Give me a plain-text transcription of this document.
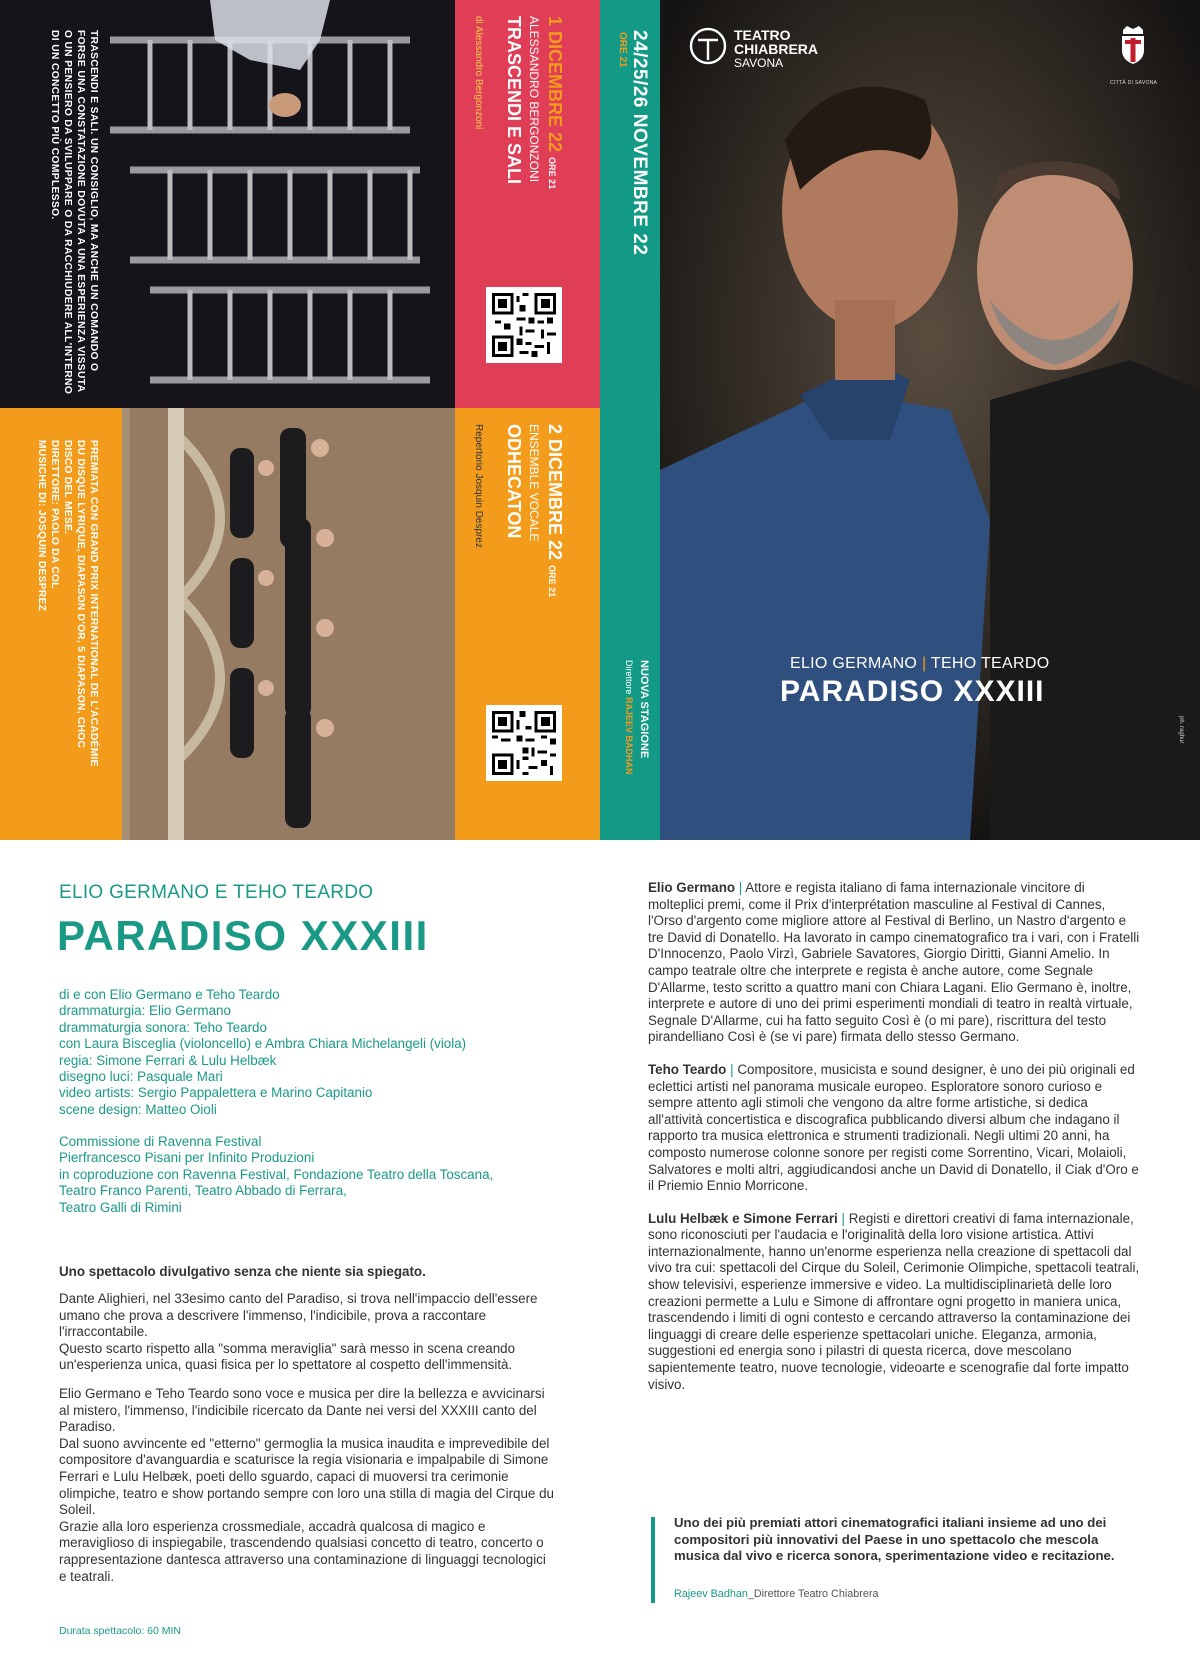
TEATRO
CHIABRERA
SAVONA
CITTÀ DI SAVONA
ELIO GERMANO | TEHO TEARDO
PARADISO XXXIII
ph. raghur
24/25/26 NOVEMBRE 22
ORE 21
NUOVA STAGIONE
Direttore RAJEEV BADHAN
1 DICEMBRE 22 ORE 21
ALESSANDRO BERGONZONI
TRASCENDI E SALI
di Alessandro Bergonzoni
2 DICEMBRE 22 ORE 21
ENSEMBLE VOCALE
ODHECATON
Repertorio Josquin Desprez
TRASCENDI E SALI. UN CONSIGLIO, MA ANCHE UN COMANDO O
FORSE UNA CONSTATAZIONE DOVUTA A UNA ESPERIENZA VISSUTA
O UN PENSIERO DA SVILUPPARE O DA RACCHIUDERE ALL'INTERNO
DI UN CONCETTO PIÙ COMPLESSO.
PREMIATA CON GRAND PRIX INTERNATIONAL DE L'ACADÉMIE
DU DISQUE LYRIQUE, DIAPASON D'OR, 5 DIAPASON, CHOC
DISCO DEL MESE.
DIRETTORE: PAOLO DA COL
MUSICHE DI: JOSQUIN DESPREZ
ELIO GERMANO E TEHO TEARDO
PARADISO XXXIII
di e con Elio Germano e Teho Teardo
drammaturgia: Elio Germano
drammaturgia sonora: Teho Teardo
con Laura Bisceglia (violoncello) e Ambra Chiara Michelangeli (viola)
regia: Simone Ferrari & Lulu Helbæk
disegno luci: Pasquale Mari
video artists: Sergio Pappalettera e Marino Capitanio
scene design: Matteo Oioli
Commissione di Ravenna Festival
Pierfrancesco Pisani per Infinito Produzioni
in coproduzione con Ravenna Festival, Fondazione Teatro della Toscana,
Teatro Franco Parenti, Teatro Abbado di Ferrara,
Teatro Galli di Rimini
Uno spettacolo divulgativo senza che niente sia spiegato.

Dante Alighieri, nel 33esimo canto del Paradiso, si trova nell'impaccio dell'essere umano che prova a descrivere l'immenso, l'indicibile, prova a raccontare l'irraccontabile.

Questo scarto rispetto alla "somma meraviglia" sarà messo in scena creando un'esperienza unica, quasi fisica per lo spettatore al cospetto dell'immensità.

Elio Germano e Teho Teardo sono voce e musica per dire la bellezza e avvicinarsi al mistero, l'immenso, l'indicibile ricercato da Dante nei versi del XXXIII canto del Paradiso.

Dal suono avvincente ed "etterno" germoglia la musica inaudita e imprevedibile del compositore d'avanguardia e scaturisce la regia visionaria e impalpabile di Simone Ferrari e Lulu Helbæk, poeti dello sguardo, capaci di muoversi tra cerimonie olimpiche, teatro e show portando sempre con loro una stilla di magia del Cirque du Soleil.

Grazie alla loro esperienza crossmediale, accadrà qualcosa di magico e meraviglioso di inspiegabile, trascendendo qualsiasi concetto di teatro, concerto o rappresentazione dantesca attraverso una contaminazione di linguaggi tecnologici e teatrali.

Durata spettacolo: 60 MIN

Elio Germano | Attore e regista italiano di fama internazionale vincitore di molteplici premi, come il Prix d'interprétation masculine al Festival di Cannes, l'Orso d'argento come migliore attore al Festival di Berlino, un Nastro d'argento e tre David di Donatello. Ha lavorato in campo cinematografico tra i vari, con i Fratelli D'Innocenzo, Paolo Virzì, Gabriele Savatores, Giorgio Diritti, Gianni Amelio. In campo teatrale oltre che interprete e regista è anche autore, come Segnale D'Allarme, testo scritto a quattro mani con Chiara Lagani. Elio Germano è, inoltre, interprete e autore di uno dei primi esperimenti mondiali di teatro in realtà virtuale, Segnale D'Allarme, cui ha fatto seguito Così è (o mi pare), riscrittura del testo pirandelliano Così è (se vi pare) firmata dello stesso Germano.

Teho Teardo | Compositore, musicista e sound designer, è uno dei più originali ed eclettici artisti nel panorama musicale europeo. Esploratore sonoro curioso e sempre attento agli stimoli che vengono da altre forme artistiche, si dedica all'attività concertistica e discografica pubblicando diversi album che indagano il rapporto tra musica elettronica e strumenti tradizionali. Negli ultimi 20 anni, ha composto numerose colonne sonore per registi come Sorrentino, Vicari, Molaioli, Salvatores e molti altri, aggiudicandosi anche un David di Donatello, il Ciak d'Oro e il Priemio Ennio Morricone.

Lulu Helbæk e Simone Ferrari | Registi e direttori creativi di fama internazionale, sono riconosciuti per l'audacia e l'originalità della loro visione artistica. Attivi internazionalmente, hanno un'enorme esperienza nella creazione di spettacoli dal vivo tra cui: spettacoli del Cirque du Soleil, Cerimonie Olimpiche, spettacoli teatrali, show televisivi, esperienze immersive e video. La multidisciplinarietà delle loro creazioni permette a Lulu e Simone di affrontare ogni progetto in maniera unica, trascendendo i limiti di ogni contesto e cercando attraverso la contaminazione dei linguaggi di creare delle esperienze spettacolari uniche. Eleganza, armonia, suggestioni ed energia sono i pilastri di questa ricerca, dove mescolano sapientemente teatro, nuove tecnologie, videoarte e scenografie dal forte impatto visivo.

Uno dei più premiati attori cinematografici italiani insieme ad uno dei compositori più innovativi del Paese in uno spettacolo che mescola musica dal vivo e ricerca sonora, sperimentazione video e recitazione.
Rajeev Badhan_Direttore Teatro Chiabrera
